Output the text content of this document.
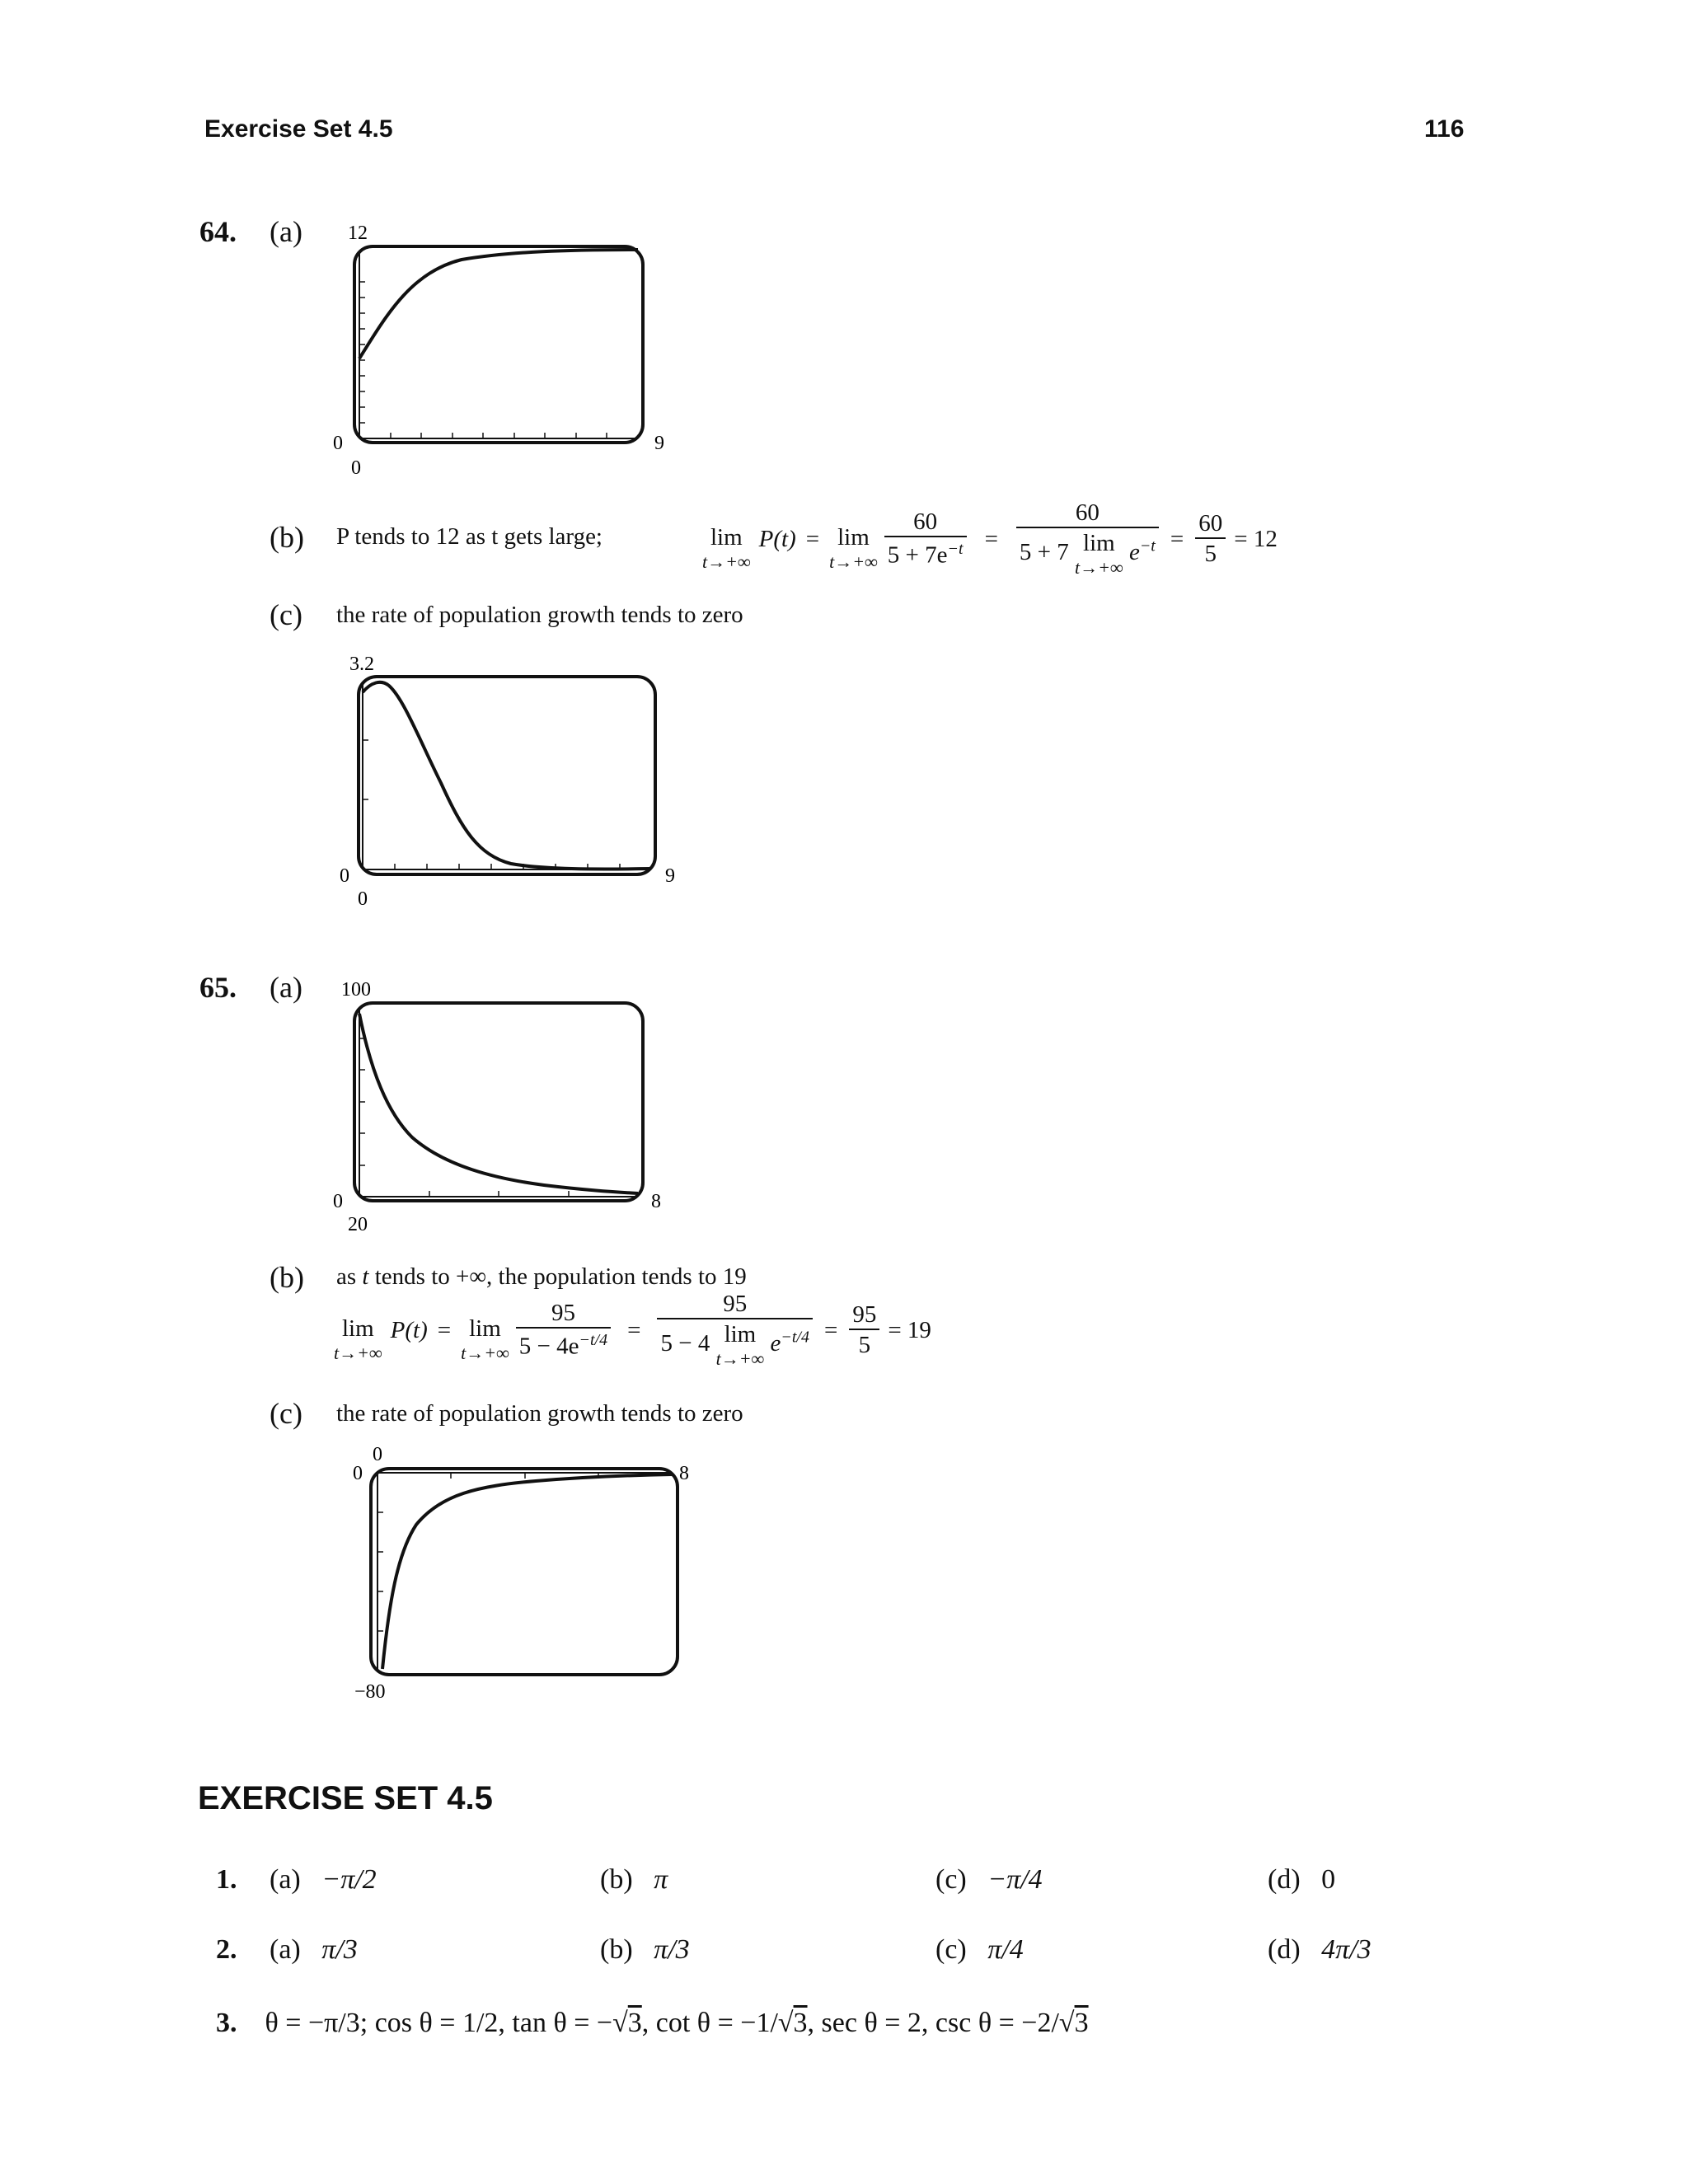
Exercise Set 4.5	116
64. (a) 12
0
0
9
(b) P tends to 12 as t gets large;	lim
t→+∞
P(t) = lim
$t\to+\infty \frac{60}{5 + 7e^{-t}} = 60$
5 + 7 lim
t→+∞
$e^{-t} = \frac{60}{5} = 12$
(c) the rate of population growth tends to zero
3.2
0
0
9
65. (a) 100
0
20
8
(b) as t tends to +∞, the population tends to 19
lim
t→+∞
P(t) = lim
$t\to+\infty \frac{95}{5 - 4e^{-t/4}} = 95$
5 − 4 lim
t→+∞
$e^{-t/4} = \frac{95}{5} = 19$
(c) the rate of population growth tends to zero
0
0	8
−80
EXERCISE SET 4.5
1. (a) −π/2	(b) π	(c) −π/4	(d) 0
2. (a) π/3	(b) π/3	(c) π/4	(d) 4π/3
3. θ = −π/3; cos θ = 1/2, tan θ = −√3, cot θ = −1/√3, sec θ = 2, csc θ = −2/√3
